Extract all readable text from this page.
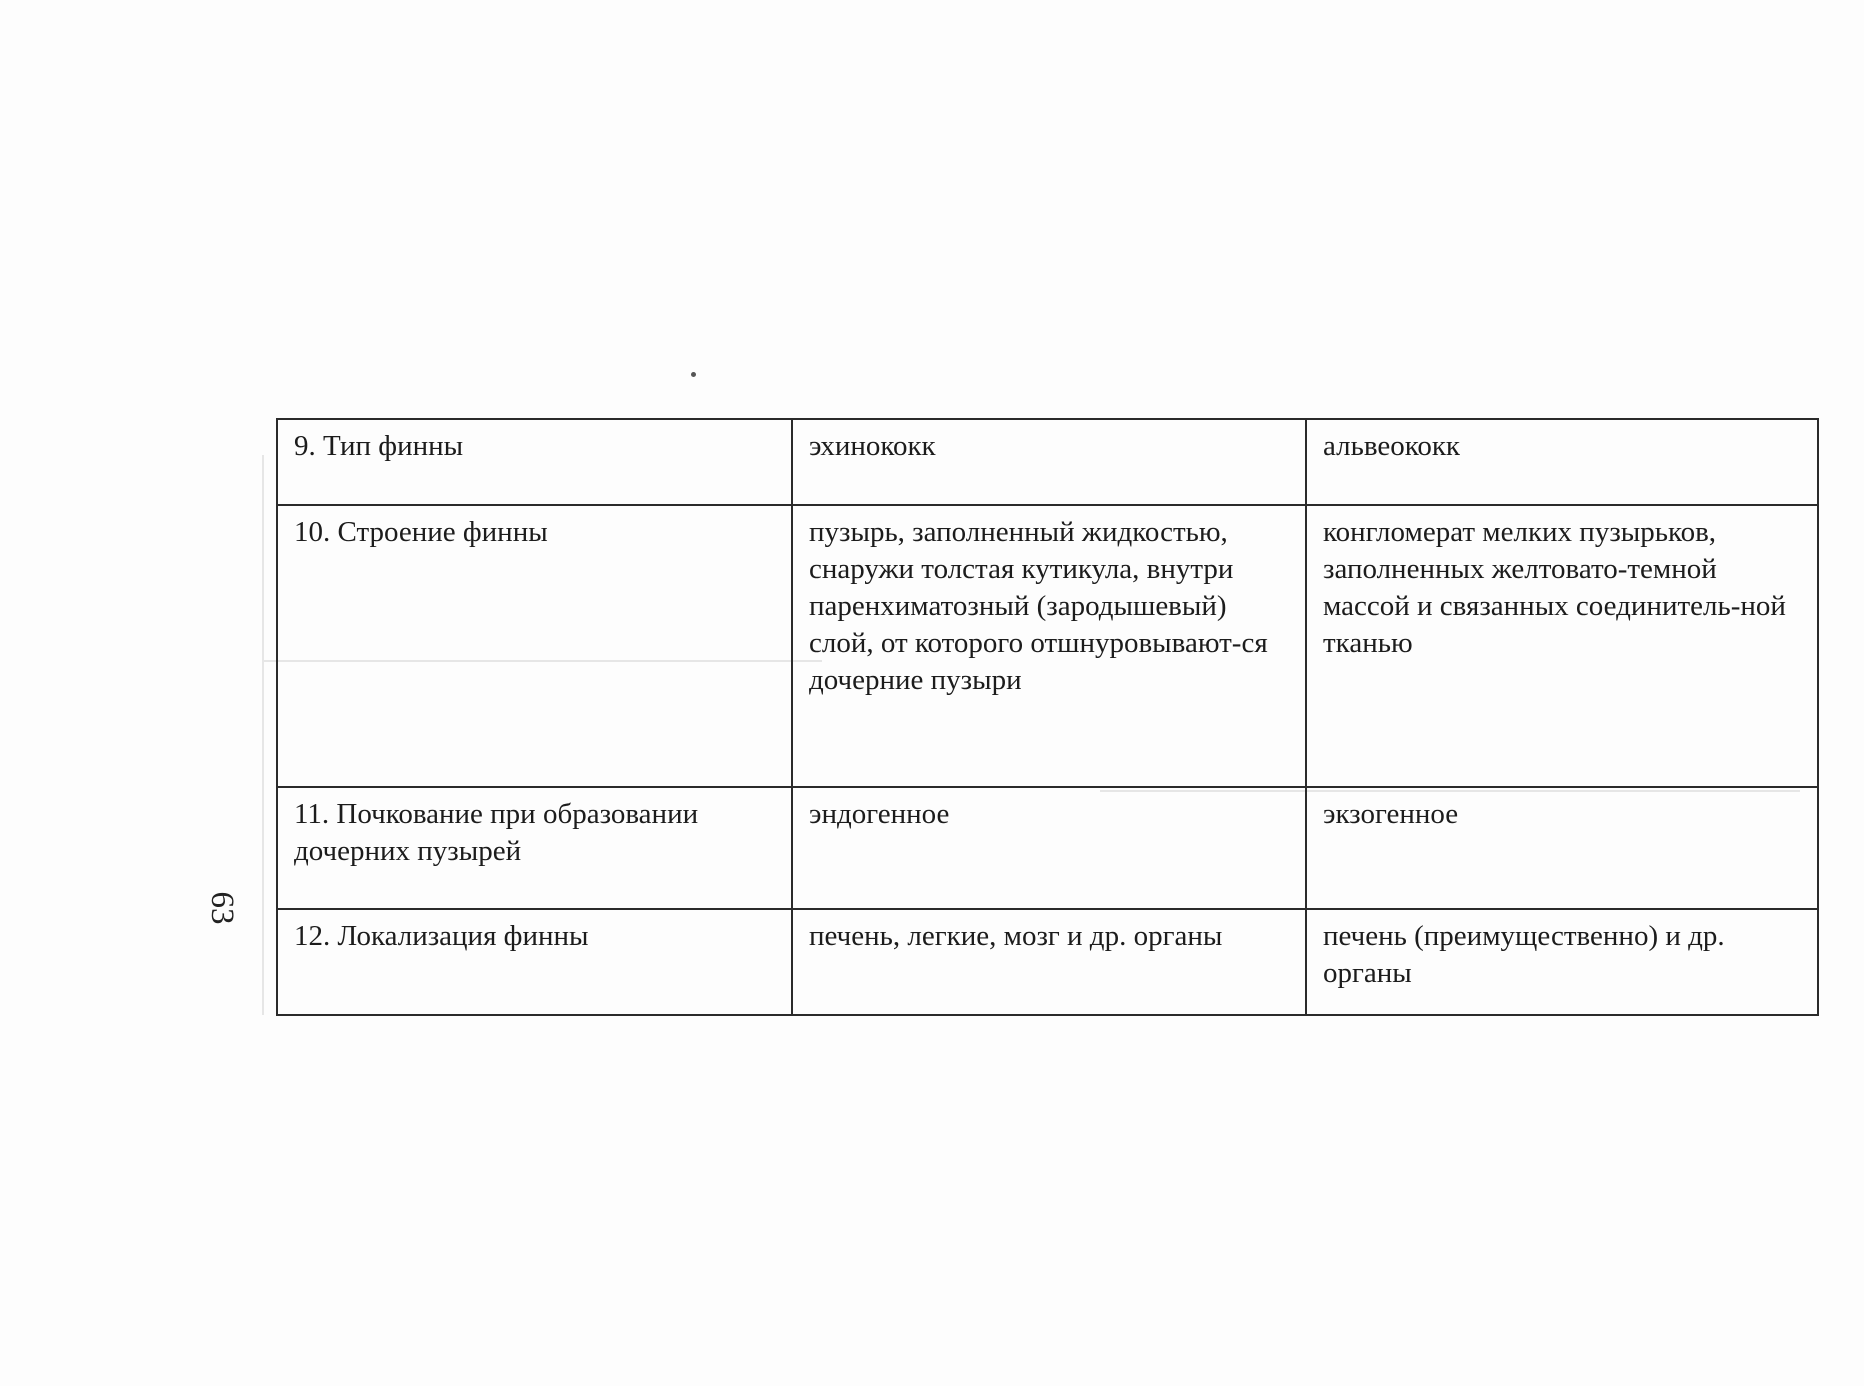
63
9. Тип финны	эхинококк	альвеококк

10. Строение финны	пузырь, заполненный жидкостью, снаружи толстая кутикула, внутри паренхиматозный (зародышевый) слой, от которого отшнуровывают-ся дочерние пузыри	конгломерат мелких пузырьков, заполненных желтовато-темной массой и связанных соединитель-ной тканью

11. Почкование при образовании дочерних пузырей	эндогенное	экзогенное

12. Локализация финны	печень, легкие, мозг и др. органы	печень (преимущественно) и др. органы
